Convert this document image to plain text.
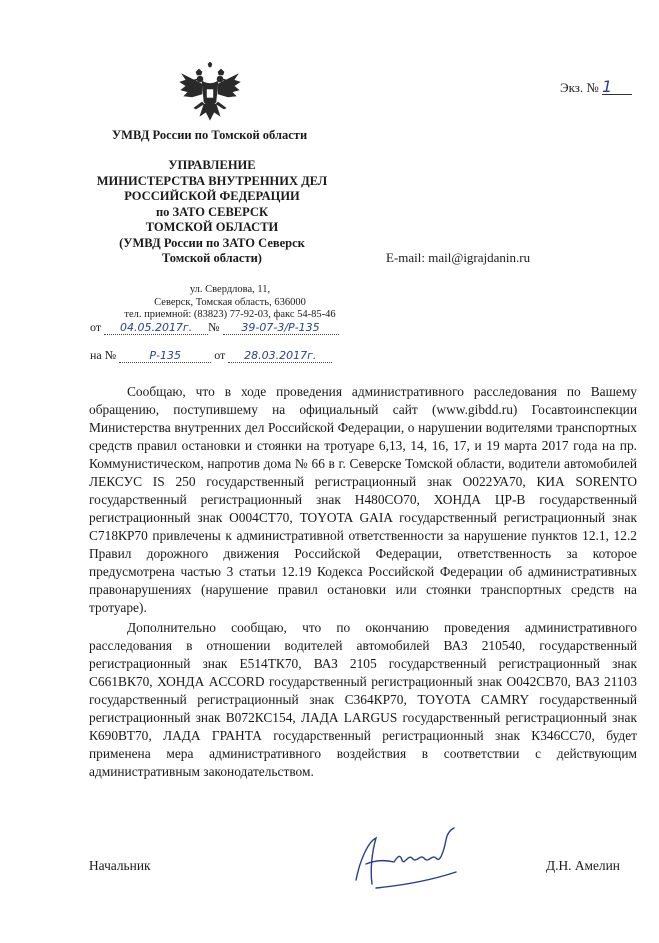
Экз. № 1
УМВД России по Томской области
УПРАВЛЕНИЕ
МИНИСТЕРСТВА ВНУТРЕННИХ ДЕЛ
РОССИЙСКОЙ ФЕДЕРАЦИИ
по ЗАТО СЕВЕРСК
ТОМСКОЙ ОБЛАСТИ
(УМВД России по ЗАТО Северск
Томской области)	E-mail: mail@igrajdanin.ru
ул. Свердлова, 11,
Северск, Томская область, 636000
тел. приемной: (83823) 77-92-03, факс 54-85-46
от 04.05.2017г. № 39-07-3/Р-135
на №	Р-135	от 28.03.2017г.

Сообщаю, что в ходе проведения административного расследования по Вашему обращению, поступившему на официальный сайт (www.gibdd.ru) Госавтоинспекции Министерства внутренних дел Российской Федерации, о нарушении водителями транспортных средств правил остановки и стоянки на тротуаре 6,13, 14, 16, 17, и 19 марта 2017 года на пр. Коммунистическом, напротив дома № 66 в г. Северске Томской области, водители автомобилей ЛЕКСУС IS 250 государственный регистрационный знак О022УА70, КИА SORENTO государственный регистрационный знак Н480СО70, ХОНДА ЦР-В государственный регистрационный знак О004СТ70, TOYOTA GAIA государственный регистрационный знак С718КР70 привлечены к административной ответственности за нарушение пунктов 12.1, 12.2 Правил дорожного движения Российской Федерации, ответственность за которое предусмотрена частью 3 статьи 12.19 Кодекса Российской Федерации об административных правонарушениях (нарушение правил остановки или стоянки транспортных средств на тротуаре).

Дополнительно сообщаю, что по окончанию проведения административного расследования в отношении водителей автомобилей ВАЗ 210540, государственный регистрационный знак Е514ТК70, ВАЗ 2105 государственный регистрационный знак С661ВК70, ХОНДА ACCORD государственный регистрационный знак О042СВ70, ВАЗ 21103 государственный регистрационный знак С364КР70, TOYOTA CAMRY государственный регистрационный знак В072КС154, ЛАДА LARGUS государственный регистрационный знак К690ВТ70, ЛАДА ГРАНТА государственный регистрационный знак К346СС70, будет применена мера административного воздействия в соответствии с действующим административным законодательством.

Начальник	Д.Н. Амелин
